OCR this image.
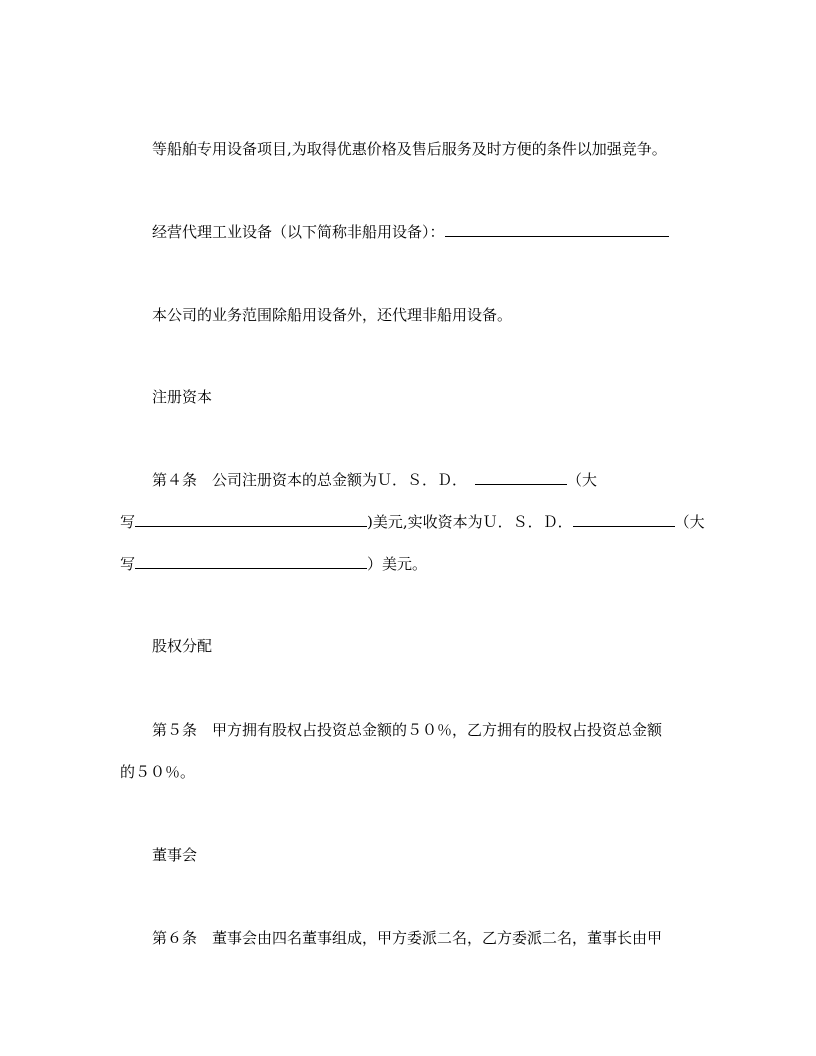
等船舶专用设备项目,为取得优惠价格及售后服务及时方便的条件以加强竞争。
经营代理工业设备（以下简称非船用设备）：
本公司的业务范围除船用设备外，还代理非船用设备。
注册资本
第４条　公司注册资本的总金额为Ｕ．Ｓ．Ｄ．	（大
写	)美元,实收资本为Ｕ．Ｓ．Ｄ．	（大
写	）美元。
股权分配
第５条　甲方拥有股权占投资总金额的５０％，乙方拥有的股权占投资总金额
的５０％。
董事会
第６条　董事会由四名董事组成，甲方委派二名，乙方委派二名，董事长由甲
